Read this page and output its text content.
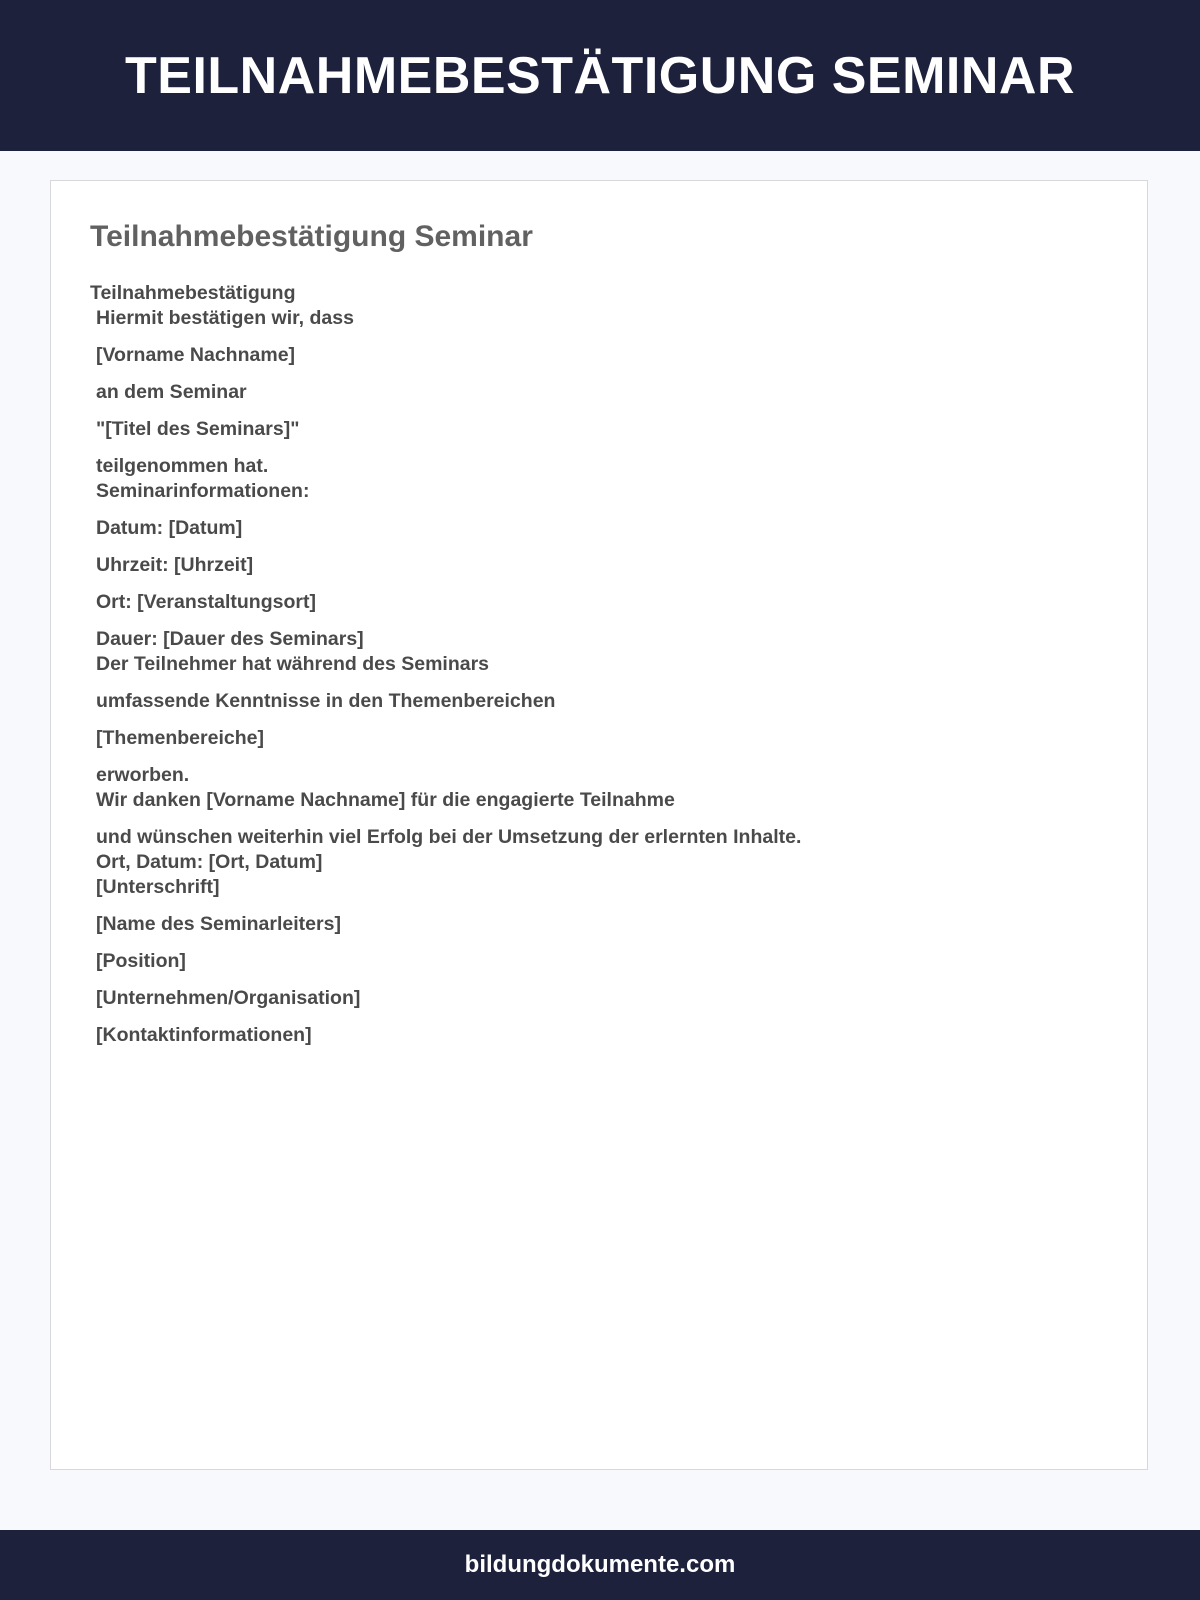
TEILNAHMEBESTÄTIGUNG SEMINAR
Teilnahmebestätigung Seminar
Teilnahmebestätigung
Hiermit bestätigen wir, dass
[Vorname Nachname]
an dem Seminar
"[Titel des Seminars]"
teilgenommen hat.
Seminarinformationen:
Datum: [Datum]
Uhrzeit: [Uhrzeit]
Ort: [Veranstaltungsort]
Dauer: [Dauer des Seminars]
Der Teilnehmer hat während des Seminars
umfassende Kenntnisse in den Themenbereichen
[Themenbereiche]
erworben.
Wir danken [Vorname Nachname] für die engagierte Teilnahme
und wünschen weiterhin viel Erfolg bei der Umsetzung der erlernten Inhalte.
Ort, Datum: [Ort, Datum]
[Unterschrift]
[Name des Seminarleiters]
[Position]
[Unternehmen/Organisation]
[Kontaktinformationen]
bildungdokumente.com
